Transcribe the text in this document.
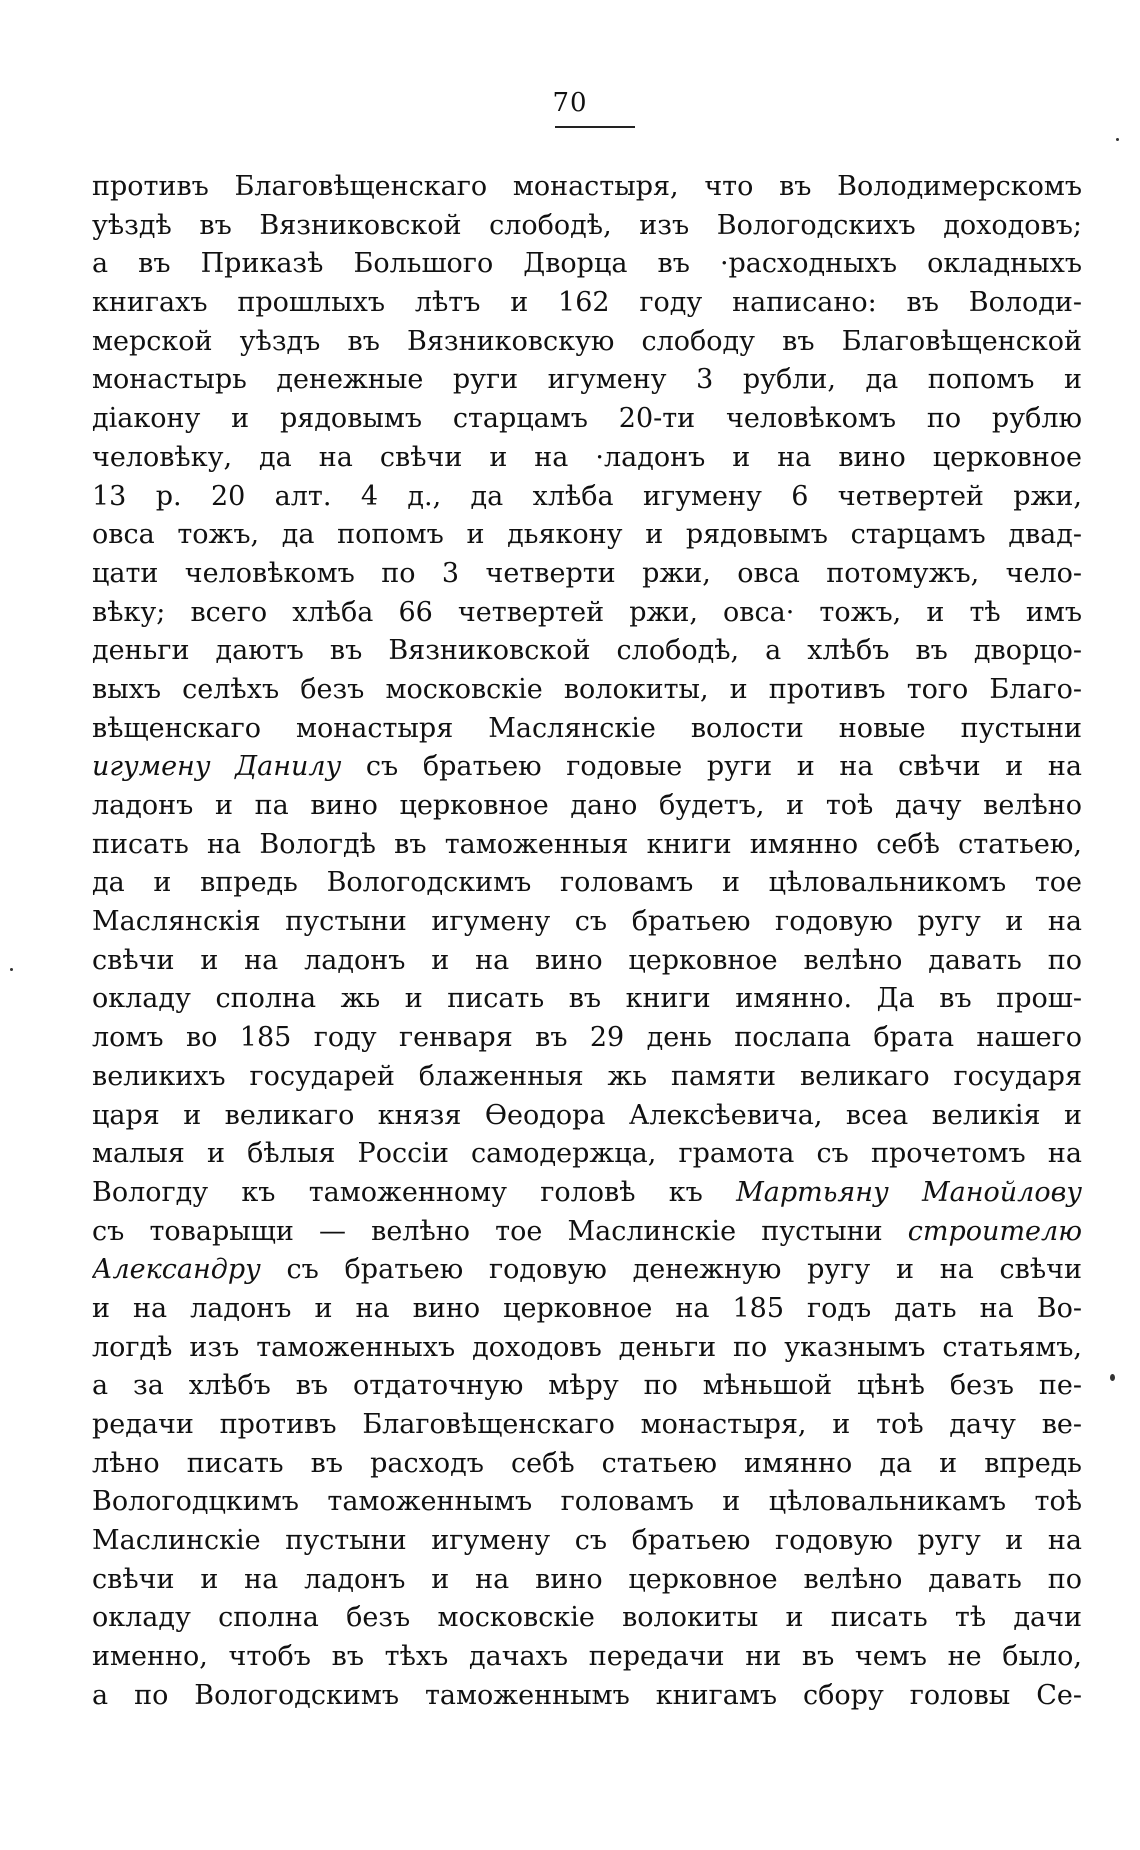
70
противъ Благовѣщенскаго монастыря, что въ Володимерскомъ
уѣздѣ въ Вязниковской слободѣ, изъ Вологодскихъ доходовъ;
а въ Приказѣ Большого Дворца въ ·расходныхъ окладныхъ
книгахъ прошлыхъ лѣтъ и 162 году написано: въ Володи-
мерской уѣздъ въ Вязниковскую слободу въ Благовѣщенской
монастырь денежные руги игумену 3 рубли, да попомъ и
діакону и рядовымъ старцамъ 20-ти человѣкомъ по рублю
человѣку, да на свѣчи и на ·ладонъ и на вино церковное
13 р. 20 алт. 4 д., да хлѣба игумену 6 четвертей ржи,
овса тожъ, да попомъ и дьякону и рядовымъ старцамъ двад-
цати человѣкомъ по 3 четверти ржи, овса потомужъ, чело-
вѣку; всего хлѣба 66 четвертей ржи, овса· тожъ, и тѣ имъ
деньги даютъ въ Вязниковской слободѣ, а хлѣбъ въ дворцо-
выхъ селѣхъ безъ московскіе волокиты, и противъ того Благо-
вѣщенскаго монастыря Маслянскіе волости новые пустыни
игумену Данилу съ братьею годовые руги и на свѣчи и на
ладонъ и па вино церковное дано будетъ, и тоѣ дачу велѣно
писать на Вологдѣ въ таможенныя книги имянно себѣ статьею,
да и впредь Вологодскимъ головамъ и цѣловальникомъ тое
Маслянскія пустыни игумену съ братьею годовую ругу и на
свѣчи и на ладонъ и на вино церковное велѣно давать по
окладу сполна жь и писать въ книги имянно. Да въ прош-
ломъ во 185 году генваря въ 29 день послапа брата нашего
великихъ государей блаженныя жь памяти великаго государя
царя и великаго князя Ѳеодора Алексѣевича, всеа великія и
малыя и бѣлыя Россіи самодержца, грамота съ прочетомъ на
Вологду къ таможенному головѣ къ Мартьяну Манойлову
съ товарыщи — велѣно тое Маслинскіе пустыни строителю
Александру съ братьею годовую денежную ругу и на свѣчи
и на ладонъ и на вино церковное на 185 годъ дать на Во-
логдѣ изъ таможенныхъ доходовъ деньги по указнымъ статьямъ,
а за хлѣбъ въ отдаточную мѣру по мѣньшой цѣнѣ безъ пе-
редачи противъ Благовѣщенскаго монастыря, и тоѣ дачу ве-
лѣно писать въ расходъ себѣ статьею имянно да и впредь
Вологодцкимъ таможеннымъ головамъ и цѣловальникамъ тоѣ
Маслинскіе пустыни игумену съ братьею годовую ругу и на
свѣчи и на ладонъ и на вино церковное велѣно давать по
окладу сполна безъ московскіе волокиты и писать тѣ дачи
именно, чтобъ въ тѣхъ дачахъ передачи ни въ чемъ не было,
а по Вологодскимъ таможеннымъ книгамъ сбору головы Се-
